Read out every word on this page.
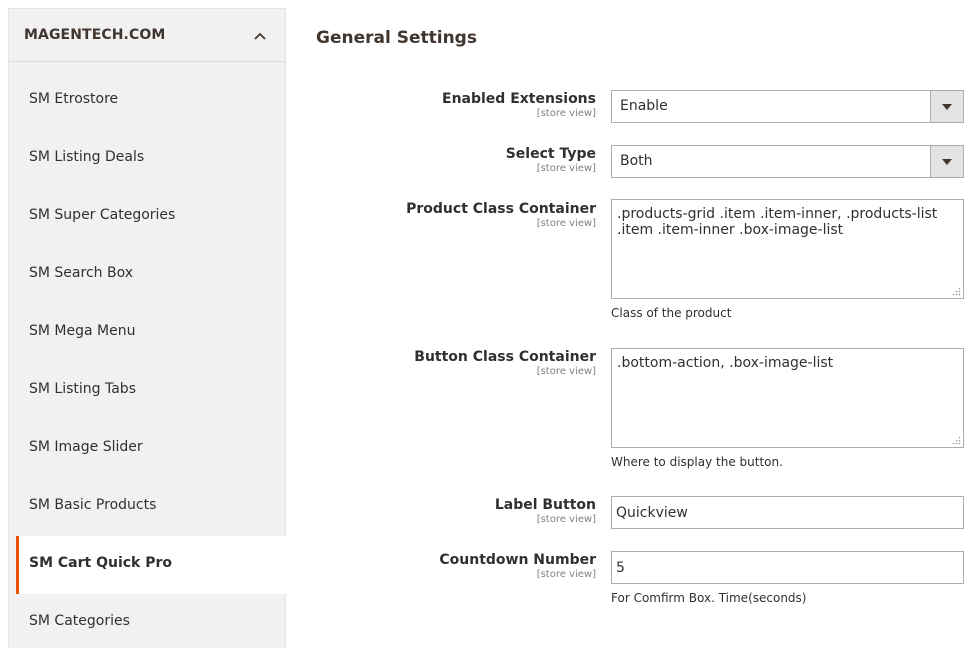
MAGENTECH.COM
SM Etrostore
SM Listing Deals
SM Super Categories
SM Search Box
SM Mega Menu
SM Listing Tabs
SM Image Slider
SM Basic Products
SM Cart Quick Pro
SM Categories
General Settings
Enabled Extensions
[store view] Enable
Select Type
[store view] Both
Product Class Container
[store view]
.products-grid .item .item-inner, .products-list .item .item-inner .box-image-list
Class of the product
Button Class Container
[store view]
.bottom-action, .box-image-list
Where to display the button.
Label Button
[store view] Quickview
Countdown Number
[store view] 5
For Comfirm Box. Time(seconds)
